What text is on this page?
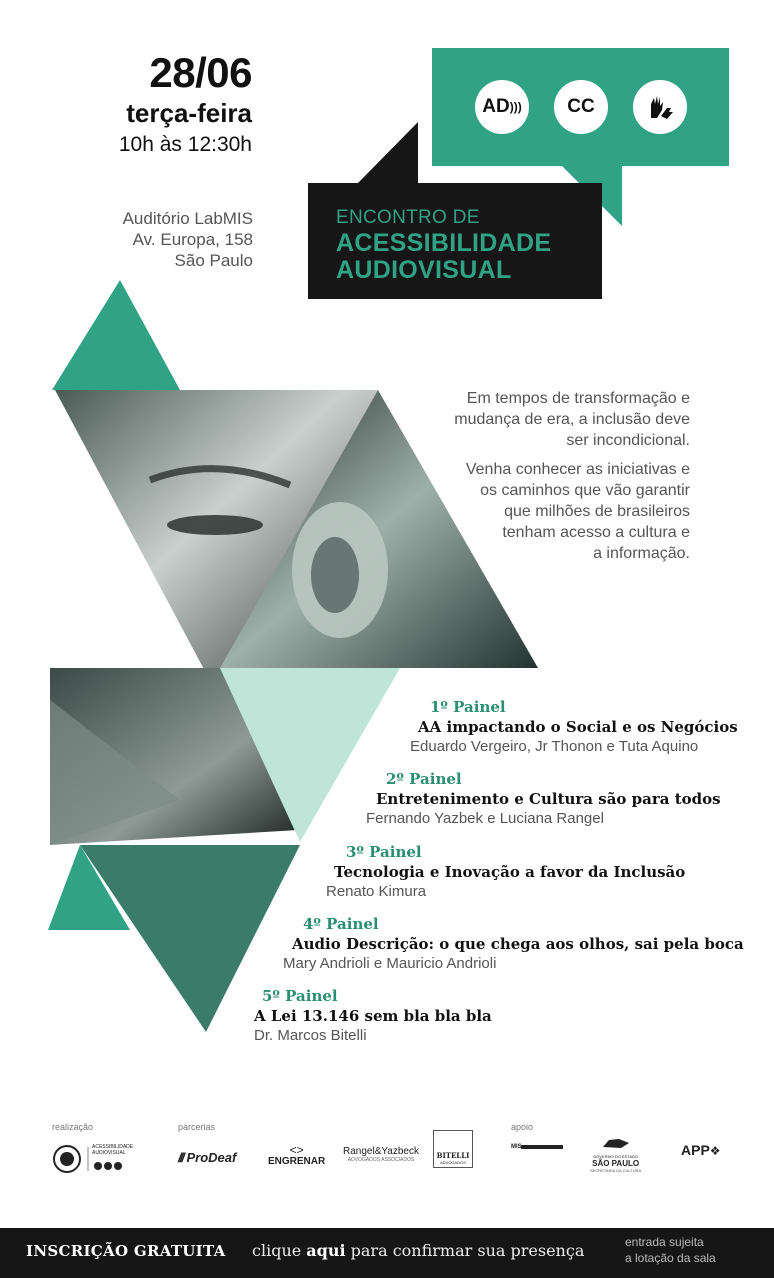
28/06
terça-feira
10h às 12:30h
Auditório LabMIS
Av. Europa, 158
São Paulo
AD ))) CC
ENCONTRO DE
ACESSIBILIDADE
AUDIOVISUAL

Em tempos de transformação e
mudança de era, a inclusão deve
ser incondicional.

Venha conhecer as iniciativas e
os caminhos que vão garantir
que milhões de brasileiros
tenham acesso a cultura e
a informação.

1º Painel
AA impactando o Social e os Negócios
Eduardo Vergeiro, Jr Thonon e Tuta Aquino
2º Painel
Entretenimento e Cultura são para todos
Fernando Yazbek e Luciana Rangel
3º Painel
Tecnologia e Inovação a favor da Inclusão
Renato Kimura
4º Painel
Audio Descrição: o que chega aos olhos, sai pela boca
Mary Andrioli e Mauricio Andrioli
5º Painel
A Lei 13.146 sem bla bla bla
Dr. Marcos Bitelli
realização	parcerias	apoio
ACESSIBILIDADE AUDIOVISUAL	/// ProDeaf	<>
ENGRENAR
Rangel&Yazbeck
ADVOGADOS ASSOCIADOS	BITELLI
ADVOGADOS
MIS
GOVERNO DO ESTADO
SÃO PAULO
SECRETARIA DA CULTURA
APP❖
INSCRIÇÃO GRATUITA clique aqui para confirmar sua presença	entrada sujeita
a lotação da sala
